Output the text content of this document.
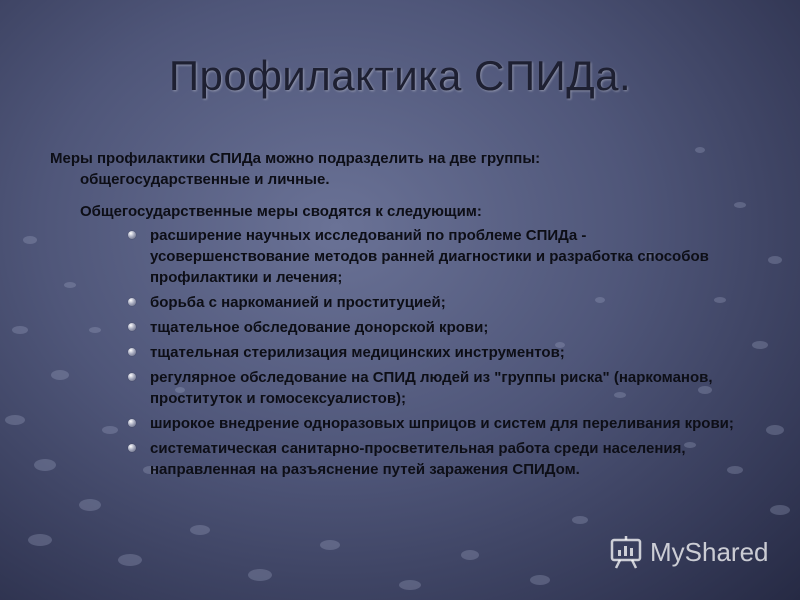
Профилактика СПИДа.

Меры профилактики СПИДа можно подразделить на две группы:
общегосударственные и личные.

Общегосударственные меры сводятся к следующим:

расширение научных исследований по проблеме СПИДа - усовершенствование методов ранней диагностики и разработка способов профилактики и лечения;
борьба с наркоманией и проституцией;
тщательное обследование донорской крови;
тщательная стерилизация медицинских инструментов;
регулярное обследование на СПИД людей из "группы риска" (наркоманов, проституток и гомосексуалистов);
широкое внедрение одноразовых шприцов и систем для переливания крови;
систематическая санитарно-просветительная работа среди населения, направленная на разъяснение путей заражения СПИДом.
MyShared
